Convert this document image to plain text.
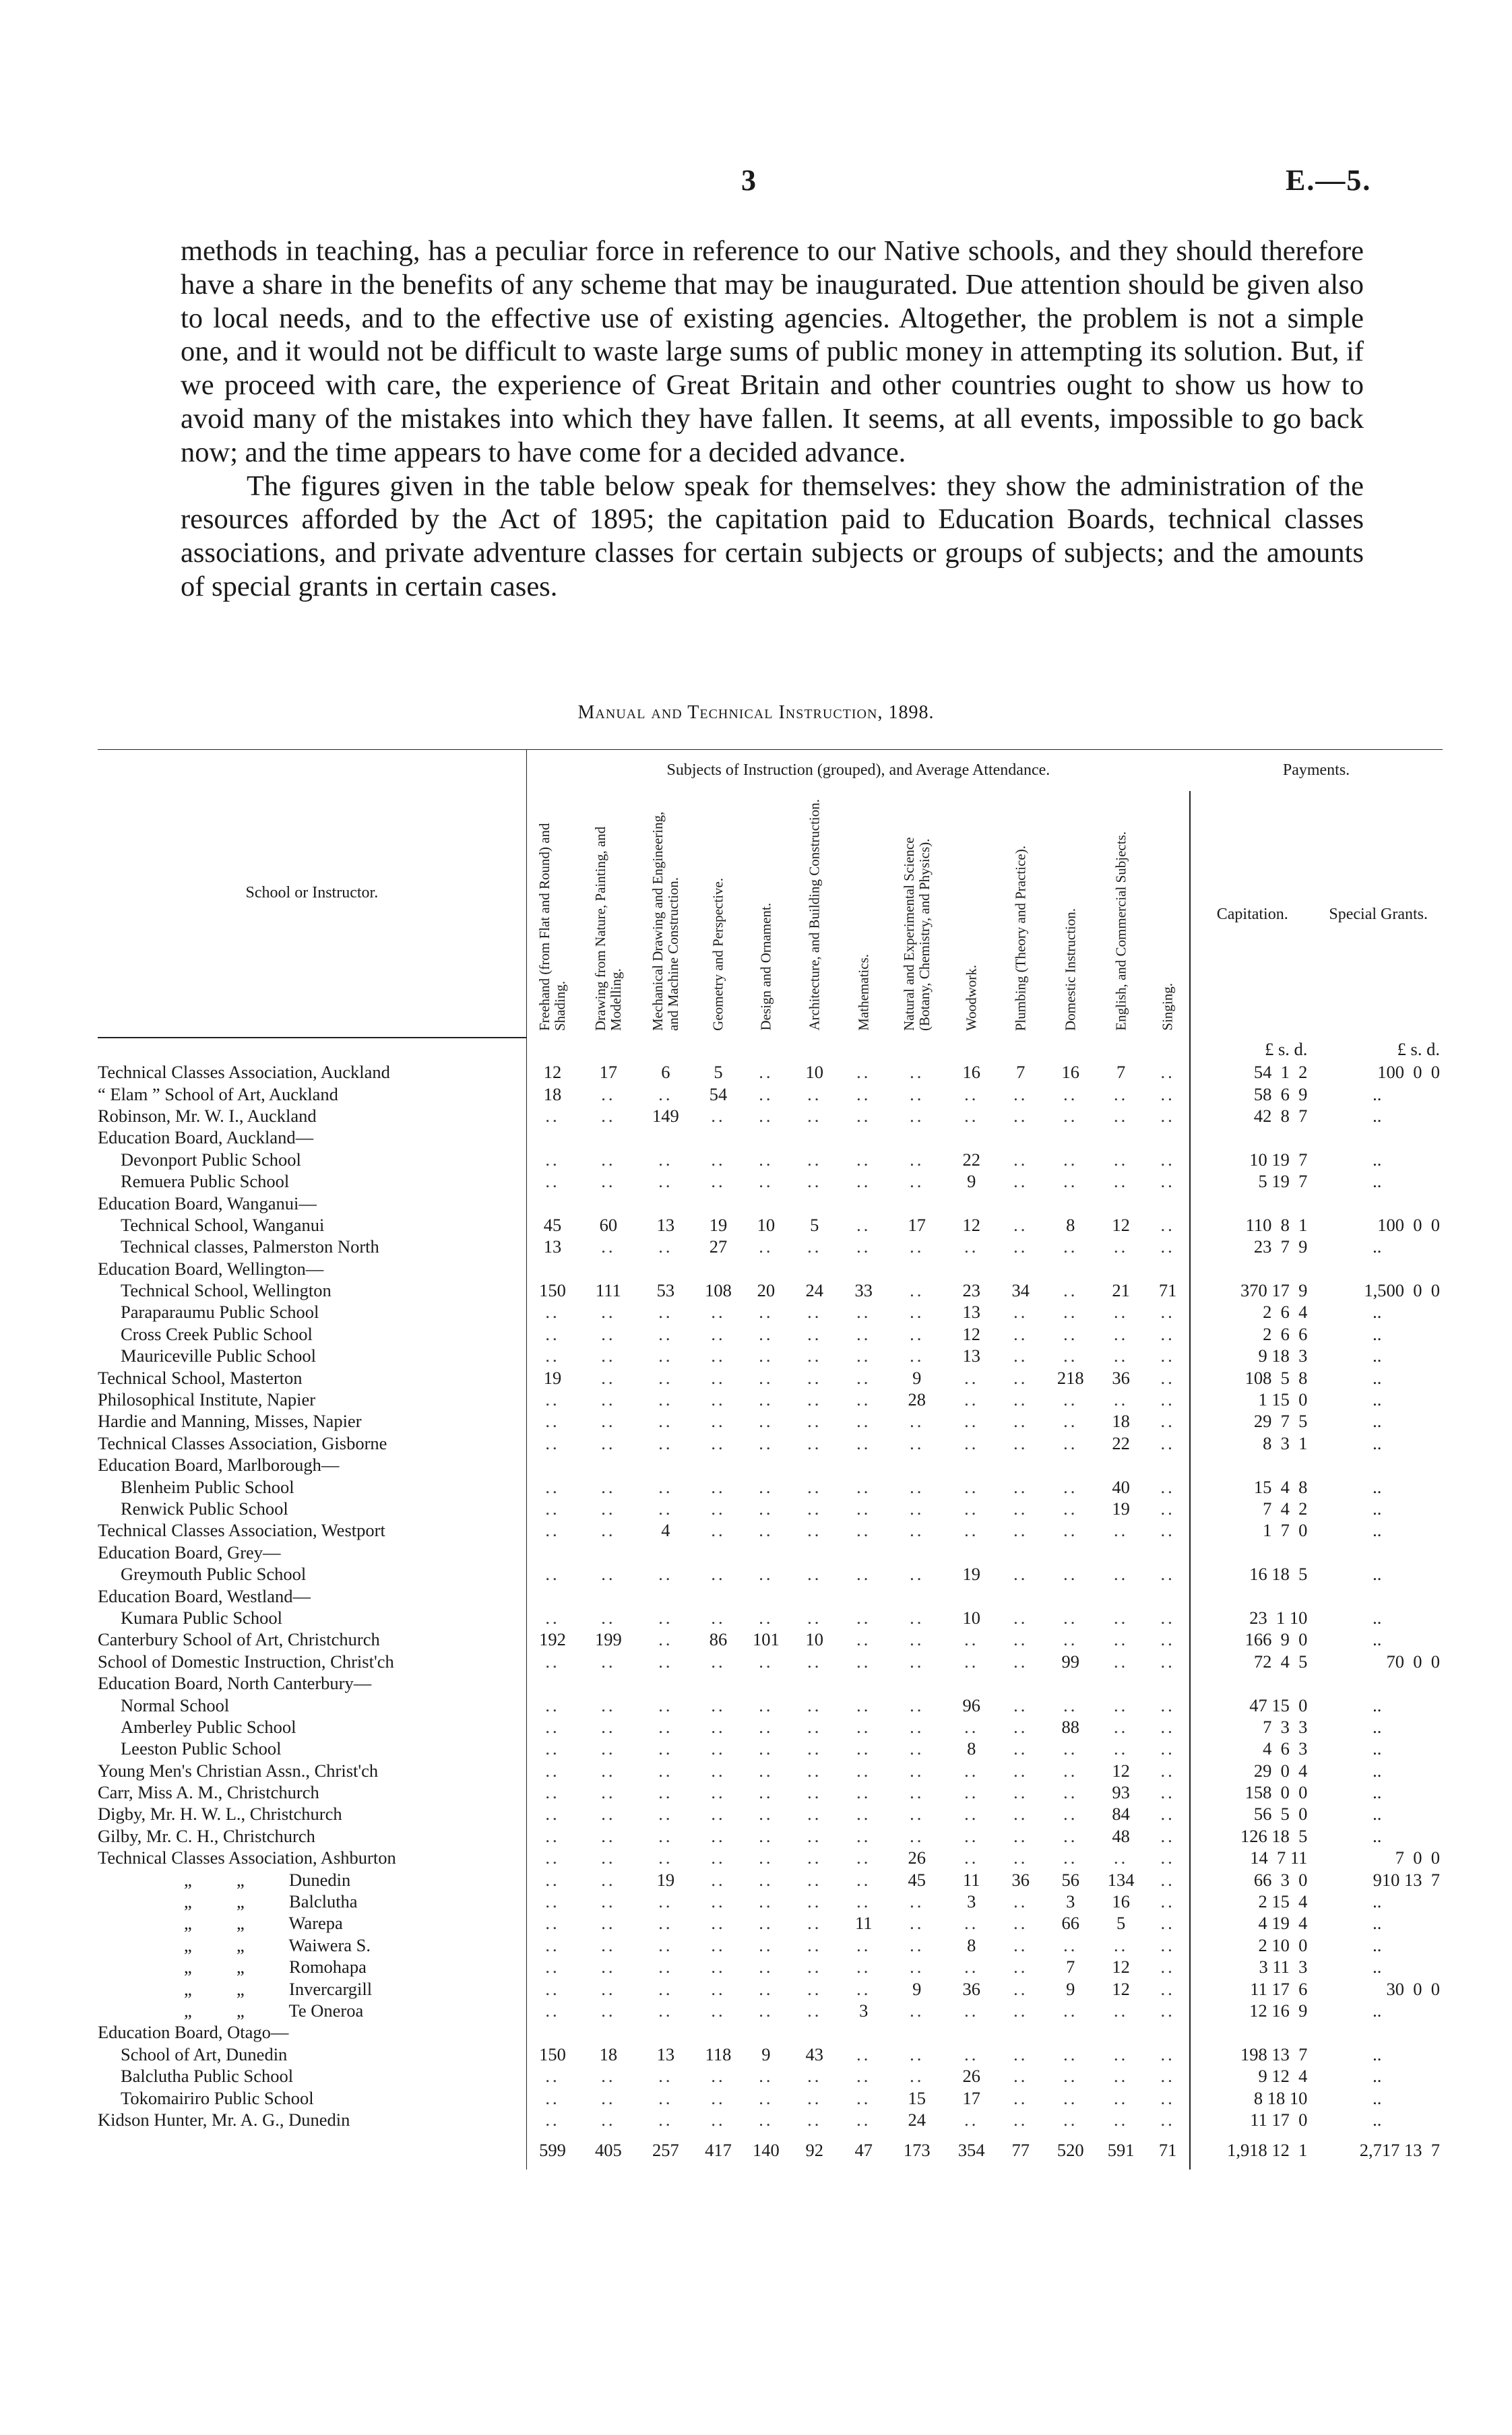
3	E.—5.

methods in teaching, has a peculiar force in reference to our Native schools, and they should therefore have a share in the benefits of any scheme that may be inaugurated. Due attention should be given also to local needs, and to the effective use of existing agencies. Altogether, the problem is not a simple one, and it would not be difficult to waste large sums of public money in attempting its solution. But, if we proceed with care, the experience of Great Britain and other countries ought to show us how to avoid many of the mistakes into which they have fallen. It seems, at all events, impossible to go back now; and the time appears to have come for a decided advance.

The figures given in the table below speak for themselves: they show the administration of the resources afforded by the Act of 1895; the capitation paid to Education Boards, technical classes associations, and private adventure classes for certain subjects or groups of subjects; and the amounts of special grants in certain cases.

Manual and Technical Instruction, 1898.
School or Instructor.	Subjects of Instruction (grouped), and Average Attendance.													Payments.	

	Freehand (from Flat and Round) and Shading.	Drawing from Nature, Painting, and Modelling.	Mechanical Drawing and Engineering, and Machine Construction.	Geometry and Perspective.	Design and Ornament.	Architecture, and Building Construction.	Mathematics.	Natural and Experimental Science (Botany, Chemistry, and Physics).	Woodwork.	Plumbing (Theory and Practice).	Domestic Instruction.	English, and Commercial Subjects.	Singing.	Capitation.	Special Grants.
														£ s. d.	£ s. d.
Technical Classes Association, Auckland	12	17	6	5	..	10	..	..	16	7	16	7	..	54  1  2	100  0  0
“ Elam ” School of Art, Auckland	18	..	..	54	..	..	..	..	..	..	..	..	..	58  6  9	..
Robinson, Mr. W. I., Auckland	..	..	149	..	..	..	..	..	..	..	..	..	..	42  8  7	..
Education Board, Auckland—															
Devonport Public School	..	..	..	..	..	..	..	..	22	..	..	..	..	10 19  7	..
Remuera Public School	..	..	..	..	..	..	..	..	9	..	..	..	..	5 19  7	..
Education Board, Wanganui—															
Technical School, Wanganui	45	60	13	19	10	5	..	17	12	..	8	12	..	110  8  1	100  0  0
Technical classes, Palmerston North	13	..	..	27	..	..	..	..	..	..	..	..	..	23  7  9	..
Education Board, Wellington—															
Technical School, Wellington	150	111	53	108	20	24	33	..	23	34	..	21	71	370 17  9	1,500  0  0
Paraparaumu Public School	..	..	..	..	..	..	..	..	13	..	..	..	..	2  6  4	..
Cross Creek Public School	..	..	..	..	..	..	..	..	12	..	..	..	..	2  6  6	..
Mauriceville Public School	..	..	..	..	..	..	..	..	13	..	..	..	..	9 18  3	..
Technical School, Masterton	19	..	..	..	..	..	..	9	..	..	218	36	..	108  5  8	..
Philosophical Institute, Napier	..	..	..	..	..	..	..	28	..	..	..	..	..	1 15  0	..
Hardie and Manning, Misses, Napier	..	..	..	..	..	..	..	..	..	..	..	18	..	29  7  5	..
Technical Classes Association, Gisborne	..	..	..	..	..	..	..	..	..	..	..	22	..	8  3  1	..
Education Board, Marlborough—															
Blenheim Public School	..	..	..	..	..	..	..	..	..	..	..	40	..	15  4  8	..
Renwick Public School	..	..	..	..	..	..	..	..	..	..	..	19	..	7  4  2	..
Technical Classes Association, Westport	..	..	4	..	..	..	..	..	..	..	..	..	..	1  7  0	..
Education Board, Grey—															
Greymouth Public School	..	..	..	..	..	..	..	..	19	..	..	..	..	16 18  5	..
Education Board, Westland—															
Kumara Public School	..	..	..	..	..	..	..	..	10	..	..	..	..	23  1 10	..
Canterbury School of Art, Christchurch	192	199	..	86	101	10	..	..	..	..	..	..	..	166  9  0	..
School of Domestic Instruction, Christ'ch	..	..	..	..	..	..	..	..	..	..	99	..	..	72  4  5	70  0  0
Education Board, North Canterbury—															
Normal School	..	..	..	..	..	..	..	..	96	..	..	..	..	47 15  0	..
Amberley Public School	..	..	..	..	..	..	..	..	..	..	88	..	..	7  3  3	..
Leeston Public School	..	..	..	..	..	..	..	..	8	..	..	..	..	4  6  3	..
Young Men's Christian Assn., Christ'ch	..	..	..	..	..	..	..	..	..	..	..	12	..	29  0  4	..
Carr, Miss A. M., Christchurch	..	..	..	..	..	..	..	..	..	..	..	93	..	158  0  0	..
Digby, Mr. H. W. L., Christchurch	..	..	..	..	..	..	..	..	..	..	..	84	..	56  5  0	..
Gilby, Mr. C. H., Christchurch	..	..	..	..	..	..	..	..	..	..	..	48	..	126 18  5	..
Technical Classes Association, Ashburton	..	..	..	..	..	..	..	26	..	..	..	..	..	14  7 11	7  0  0
„          „          Dunedin	..	..	19	..	..	..	..	45	11	36	56	134	..	66  3  0	910 13  7
„          „          Balclutha	..	..	..	..	..	..	..	..	3	..	3	16	..	2 15  4	..
„          „          Warepa	..	..	..	..	..	..	11	..	..	..	66	5	..	4 19  4	..
„          „          Waiwera S.	..	..	..	..	..	..	..	..	8	..	..	..	..	2 10  0	..
„          „          Romohapa	..	..	..	..	..	..	..	..	..	..	7	12	..	3 11  3	..
„          „          Invercargill	..	..	..	..	..	..	..	9	36	..	9	12	..	11 17  6	30  0  0
„          „          Te Oneroa	..	..	..	..	..	..	3	..	..	..	..	..	..	12 16  9	..
Education Board, Otago—															
School of Art, Dunedin	150	18	13	118	9	43	..	..	..	..	..	..	..	198 13  7	..
Balclutha Public School	..	..	..	..	..	..	..	..	26	..	..	..	..	9 12  4	..
Tokomairiro Public School	..	..	..	..	..	..	..	15	17	..	..	..	..	8 18 10	..
Kidson Hunter, Mr. A. G., Dunedin	..	..	..	..	..	..	..	24	..	..	..	..	..	11 17  0	..
	599	405	257	417	140	92	47	173	354	77	520	591	71	1,918 12  1	2,717 13  7
